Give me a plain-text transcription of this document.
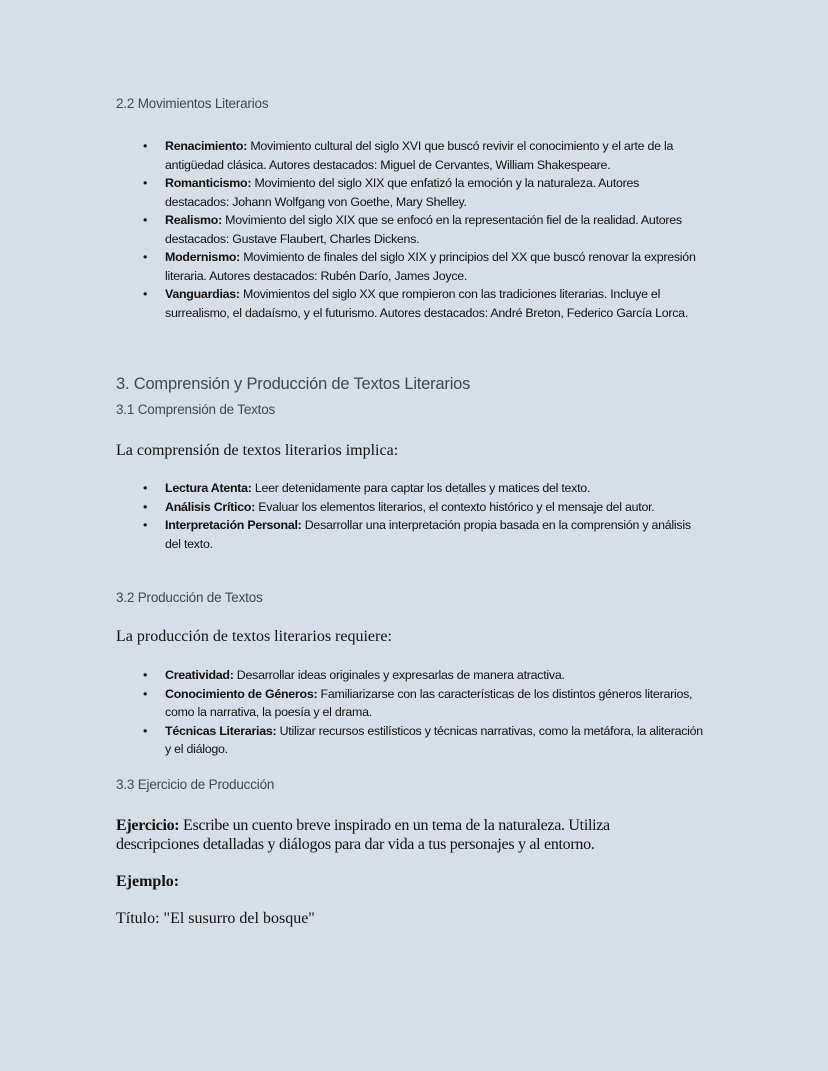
2.2 Movimientos Literarios
• Renacimiento: Movimiento cultural del siglo XVI que buscó revivir el conocimiento y el arte de la antigüedad clásica. Autores destacados: Miguel de Cervantes, William Shakespeare.
• Romanticismo: Movimiento del siglo XIX que enfatizó la emoción y la naturaleza. Autores destacados: Johann Wolfgang von Goethe, Mary Shelley.
• Realismo: Movimiento del siglo XIX que se enfocó en la representación fiel de la realidad. Autores destacados: Gustave Flaubert, Charles Dickens.
• Modernismo: Movimiento de finales del siglo XIX y principios del XX que buscó renovar la expresión literaria. Autores destacados: Rubén Darío, James Joyce.
• Vanguardias: Movimientos del siglo XX que rompieron con las tradiciones literarias. Incluye el surrealismo, el dadaísmo, y el futurismo. Autores destacados: André Breton, Federico García Lorca.
3. Comprensión y Producción de Textos Literarios
3.1 Comprensión de Textos
La comprensión de textos literarios implica:
• Lectura Atenta: Leer detenidamente para captar los detalles y matices del texto.
• Análisis Crítico: Evaluar los elementos literarios, el contexto histórico y el mensaje del autor.
• Interpretación Personal: Desarrollar una interpretación propia basada en la comprensión y análisis del texto.
3.2 Producción de Textos
La producción de textos literarios requiere:
• Creatividad: Desarrollar ideas originales y expresarlas de manera atractiva.
• Conocimiento de Géneros: Familiarizarse con las características de los distintos géneros literarios, como la narrativa, la poesía y el drama.
• Técnicas Literarias: Utilizar recursos estilísticos y técnicas narrativas, como la metáfora, la aliteración y el diálogo.
3.3 Ejercicio de Producción
Ejercicio: Escribe un cuento breve inspirado en un tema de la naturaleza. Utiliza descripciones detalladas y diálogos para dar vida a tus personajes y al entorno.
Ejemplo:
Título: "El susurro del bosque"
